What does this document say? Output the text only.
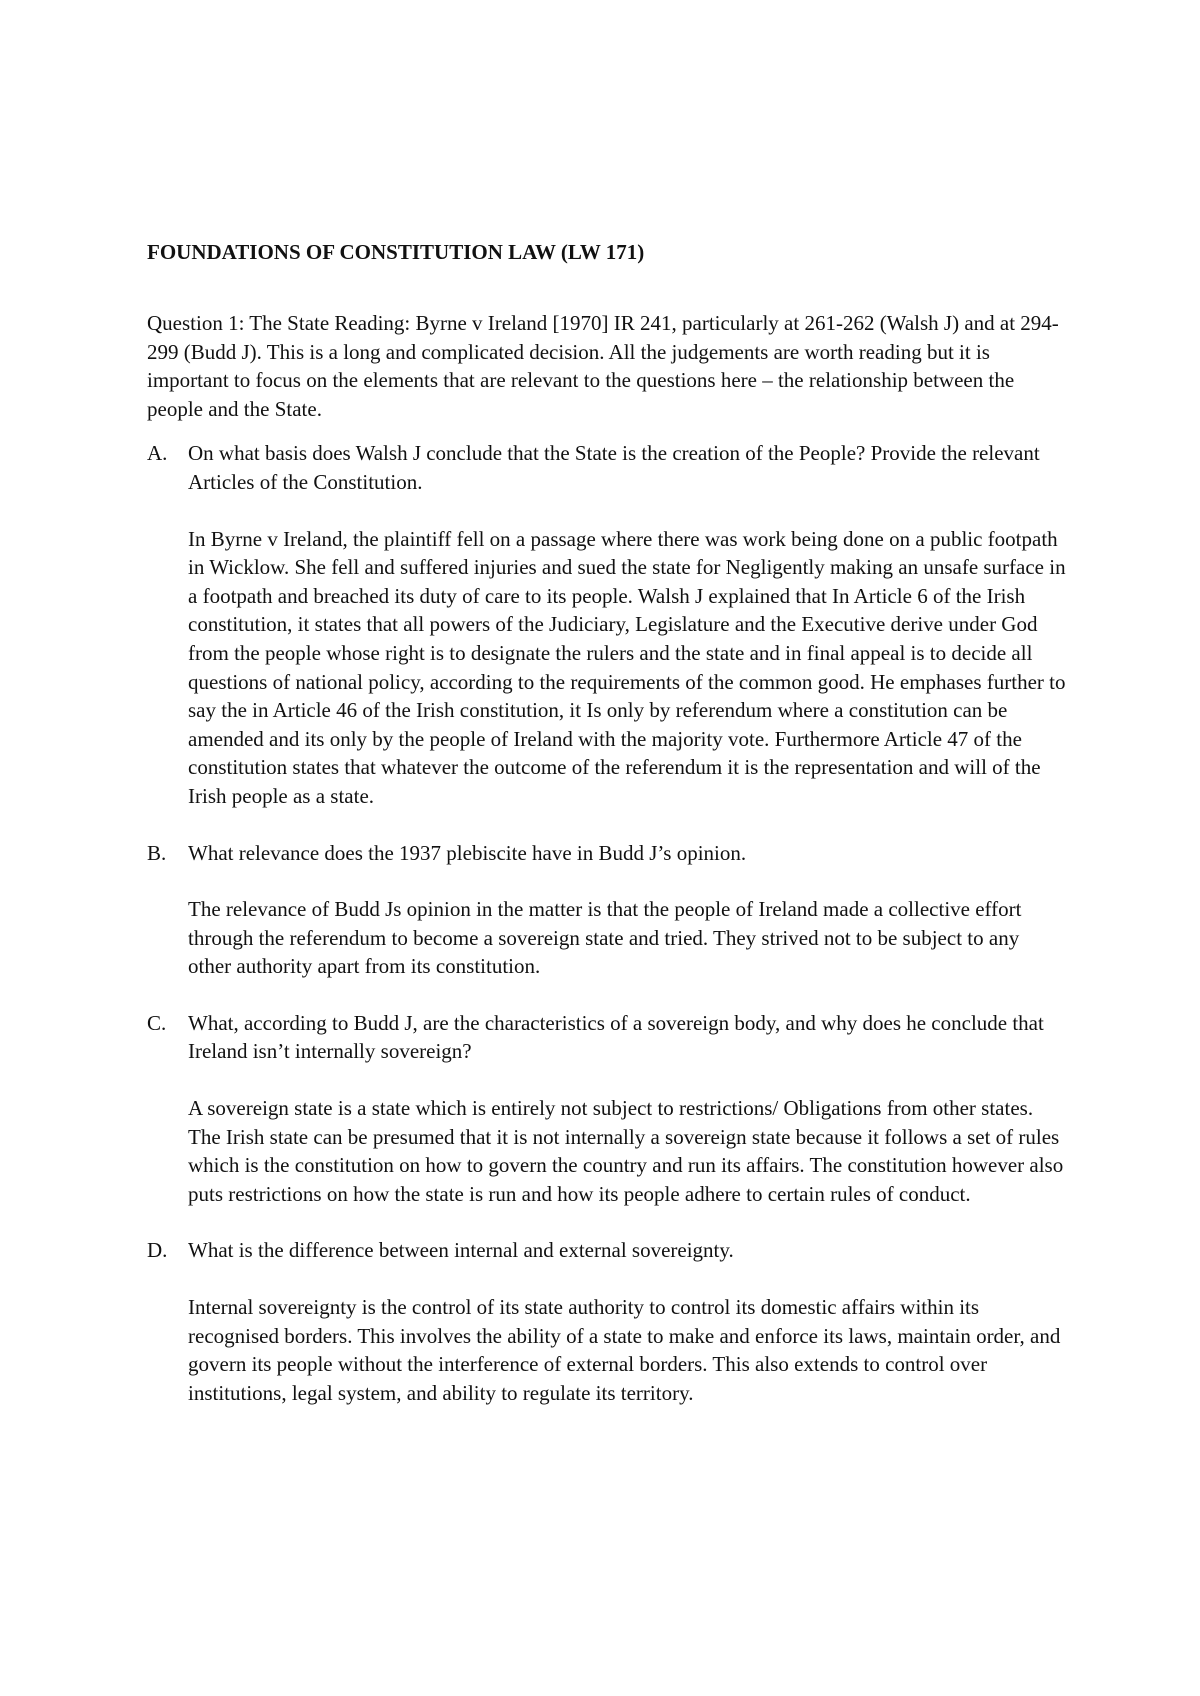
FOUNDATIONS OF CONSTITUTION LAW (LW 171)

Question 1: The State Reading: Byrne v Ireland [1970] IR 241, particularly at 261-262 (Walsh J) and at 294- 299 (Budd J). This is a long and complicated decision. All the judgements are worth reading but it is important to focus on the elements that are relevant to the questions here – the relationship between the people and the State.

A. On what basis does Walsh J conclude that the State is the creation of the People? Provide the relevant Articles of the Constitution.

In Byrne v Ireland, the plaintiff fell on a passage where there was work being done on a public footpath in Wicklow. She fell and suffered injuries and sued the state for Negligently making an unsafe surface in a footpath and breached its duty of care to its people. Walsh J explained that In Article 6 of the Irish constitution, it states that all powers of the Judiciary, Legislature and the Executive derive under God from the people whose right is to designate the rulers and the state and in final appeal is to decide all questions of national policy, according to the requirements of the common good. He emphases further to say the in Article 46 of the Irish constitution, it Is only by referendum where a constitution can be amended and its only by the people of Ireland with the majority vote. Furthermore Article 47 of the constitution states that whatever the outcome of the referendum it is the representation and will of the Irish people as a state.

B. What relevance does the 1937 plebiscite have in Budd J’s opinion.

The relevance of Budd Js opinion in the matter is that the people of Ireland made a collective effort through the referendum to become a sovereign state and tried. They strived not to be subject to any other authority apart from its constitution.

C. What, according to Budd J, are the characteristics of a sovereign body, and why does he conclude that Ireland isn’t internally sovereign?

A sovereign state is a state which is entirely not subject to restrictions/ Obligations from other states. The Irish state can be presumed that it is not internally a sovereign state because it follows a set of rules which is the constitution on how to govern the country and run its affairs. The constitution however also puts restrictions on how the state is run and how its people adhere to certain rules of conduct.

D. What is the difference between internal and external sovereignty.

Internal sovereignty is the control of its state authority to control its domestic affairs within its recognised borders. This involves the ability of a state to make and enforce its laws, maintain order, and govern its people without the interference of external borders. This also extends to control over institutions, legal system, and ability to regulate its territory.
